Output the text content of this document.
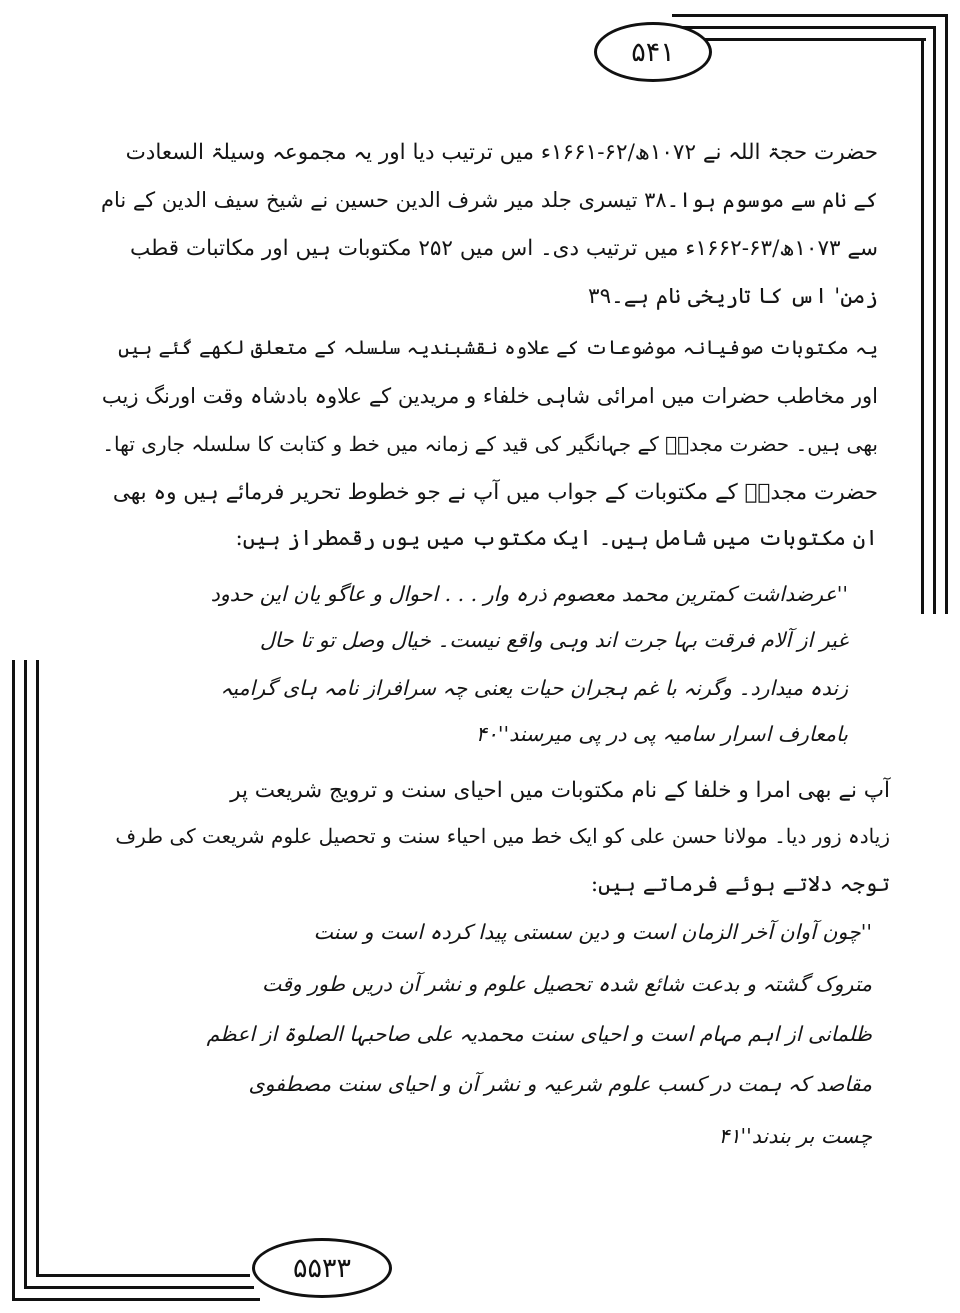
۵۴۱
۵۵۳۳
حضرت حجۃ اللہ نے ۱۰۷۲ھ/۶۲-۱۶۶۱ء میں ترتیب دیا اور یہ مجموعہ وسیلۃ السعادت
کے نام سے موسوم ہوا۔۳۸ تیسری جلد میر شرف الدین حسین نے شیخ سیف الدین کے نام
سے ۱۰۷۳ھ/۶۳-۱۶۶۲ء میں ترتیب دی۔ اس میں ۲۵۲ مکتوبات ہیں اور مکاتبات قطب
زمن' اس کا تاریخی نام ہے۔۳۹
یہ مکتوبات صوفیانہ موضوعات کے علاوہ نقشبندیہ سلسلہ کے متعلق لکھے گئے ہیں
اور مخاطب حضرات میں امرائی شاہی خلفاء و مریدین کے علاوہ بادشاہ وقت اورنگ زیب
بھی ہیں۔ حضرت مجددؒ کے جہانگیر کی قید کے زمانہ میں خط و کتابت کا سلسلہ جاری تھا۔
حضرت مجددؒ کے مکتوبات کے جواب میں آپ نے جو خطوط تحریر فرمائے ہیں وہ بھی
ان مکتوبات میں شامل ہیں۔ ایک مکتوب میں یوں رقمطراز ہیں:
''عرضداشت کمترین محمد معصوم ذرہ وار . . . احوال و عاگو یان این حدود
غیر از آلام فرقت بہا جرت اند وہی واقع نیست۔ خیال وصل تو تا حال
زندہ میدارد۔ وگرنہ با غم ہجران حیات یعنی چہ سرافراز نامہ ہای گرامیہ
بامعارف اسرار سامیہ پی در پی میرسند''۴۰
آپ نے بھی امرا و خلفا کے نام مکتوبات میں احیای سنت و ترویج شریعت پر
زیادہ زور دیا۔ مولانا حسن علی کو ایک خط میں احیاء سنت و تحصیل علوم شریعت کی طرف
توجہ دلاتے ہوئے فرماتے ہیں:
''چون آوان آخر الزمان است و دین سستی پیدا کردہ است و سنت
متروک گشتہ و بدعت شائع شدہ تحصیل علوم و نشر آن دریں طور وقت
ظلمانی از اہم مہام است و احیای سنت محمدیہ علی صاحبہا الصلوۃ از اعظم
مقاصد کہ ہمت در کسب علوم شرعیہ و نشر آن و احیای سنت مصطفوی
چست بر بندند''۴۱
